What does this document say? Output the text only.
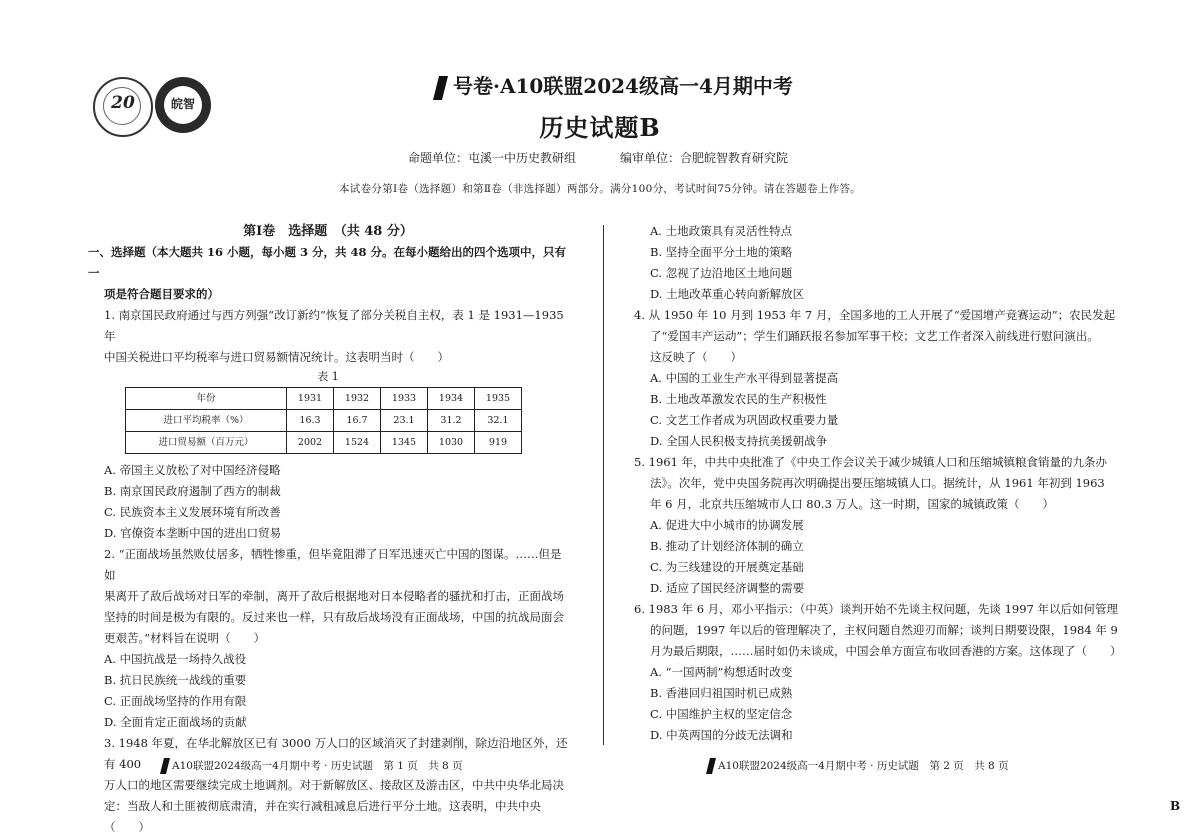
20	皖智
号卷·A10联盟2024级高一4月期中考
历史试题B
命题单位：屯溪一中历史教研组	编审单位：合肥皖智教育研究院
本试卷分第Ⅰ卷（选择题）和第Ⅱ卷（非选择题）两部分。满分100分，考试时间75分钟。请在答题卷上作答。

第Ⅰ卷　选择题　（共 48 分）

一、选择题（本大题共 16 小题，每小题 3 分，共 48 分。在每小题给出的四个选项中，只有一

项是符合题目要求的）

1. 南京国民政府通过与西方列强“改订新约”恢复了部分关税自主权，表 1 是 1931—1935 年

中国关税进口平均税率与进口贸易额情况统计。这表明当时（　　）

表 1
年份	1931	1932	1933	1934	1935
进口平均税率（%）	16.3	16.7	23.1	31.2	32.1
进口贸易额（百万元）	2002	1524	1345	1030	919

A. 帝国主义放松了对中国经济侵略

B. 南京国民政府遏制了西方的制裁

C. 民族资本主义发展环境有所改善

D. 官僚资本垄断中国的进出口贸易

2. “正面战场虽然败仗居多，牺牲惨重，但毕竟阻滞了日军迅速灭亡中国的图谋。……但是如

果离开了敌后战场对日军的牵制，离开了敌后根据地对日本侵略者的骚扰和打击，正面战场

坚持的时间是极为有限的。反过来也一样，只有敌后战场没有正面战场，中国的抗战局面会

更艰苦。”材料旨在说明（　　）

A. 中国抗战是一场持久战役

B. 抗日民族统一战线的重要

C. 正面战场坚持的作用有限

D. 全面肯定正面战场的贡献

3. 1948 年夏，在华北解放区已有 3000 万人口的区域消灭了封建剥削，除边沿地区外，还有 400

万人口的地区需要继续完成土地调剂。对于新解放区、接敌区及游击区，中共中央华北局决

定：当敌人和土匪被彻底肃清，并在实行减租减息后进行平分土地。这表明，中共中央（　　）

A. 土地政策具有灵活性特点

B. 坚持全面平分土地的策略

C. 忽视了边沿地区土地问题

D. 土地改革重心转向新解放区

4. 从 1950 年 10 月到 1953 年 7 月，全国多地的工人开展了“爱国增产竞赛运动”；农民发起

了“爱国丰产运动”；学生们踊跃报名参加军事干校；文艺工作者深入前线进行慰问演出。

这反映了（　　）

A. 中国的工业生产水平得到显著提高

B. 土地改革激发农民的生产积极性

C. 文艺工作者成为巩固政权重要力量

D. 全国人民积极支持抗美援朝战争

5. 1961 年，中共中央批准了《中央工作会议关于减少城镇人口和压缩城镇粮食销量的九条办

法》。次年，党中央国务院再次明确提出要压缩城镇人口。据统计，从 1961 年初到 1963

年 6 月，北京共压缩城市人口 80.3 万人。这一时期，国家的城镇政策（　　）

A. 促进大中小城市的协调发展

B. 推动了计划经济体制的确立

C. 为三线建设的开展奠定基础

D. 适应了国民经济调整的需要

6. 1983 年 6 月，邓小平指示：（中英）谈判开始不先谈主权问题，先谈 1997 年以后如何管理

的问题，1997 年以后的管理解决了，主权问题自然迎刃而解；谈判日期要设限，1984 年 9

月为最后期限，……届时如仍未谈成，中国会单方面宣布收回香港的方案。这体现了（　　）

A. “一国两制”构想适时改变

B. 香港回归祖国时机已成熟

C. 中国维护主权的坚定信念

D. 中英两国的分歧无法调和

A10联盟2024级高一4月期中考 · 历史试题　第 1 页　共 8 页	A10联盟2024级高一4月期中考 · 历史试题　第 2 页　共 8 页
B
